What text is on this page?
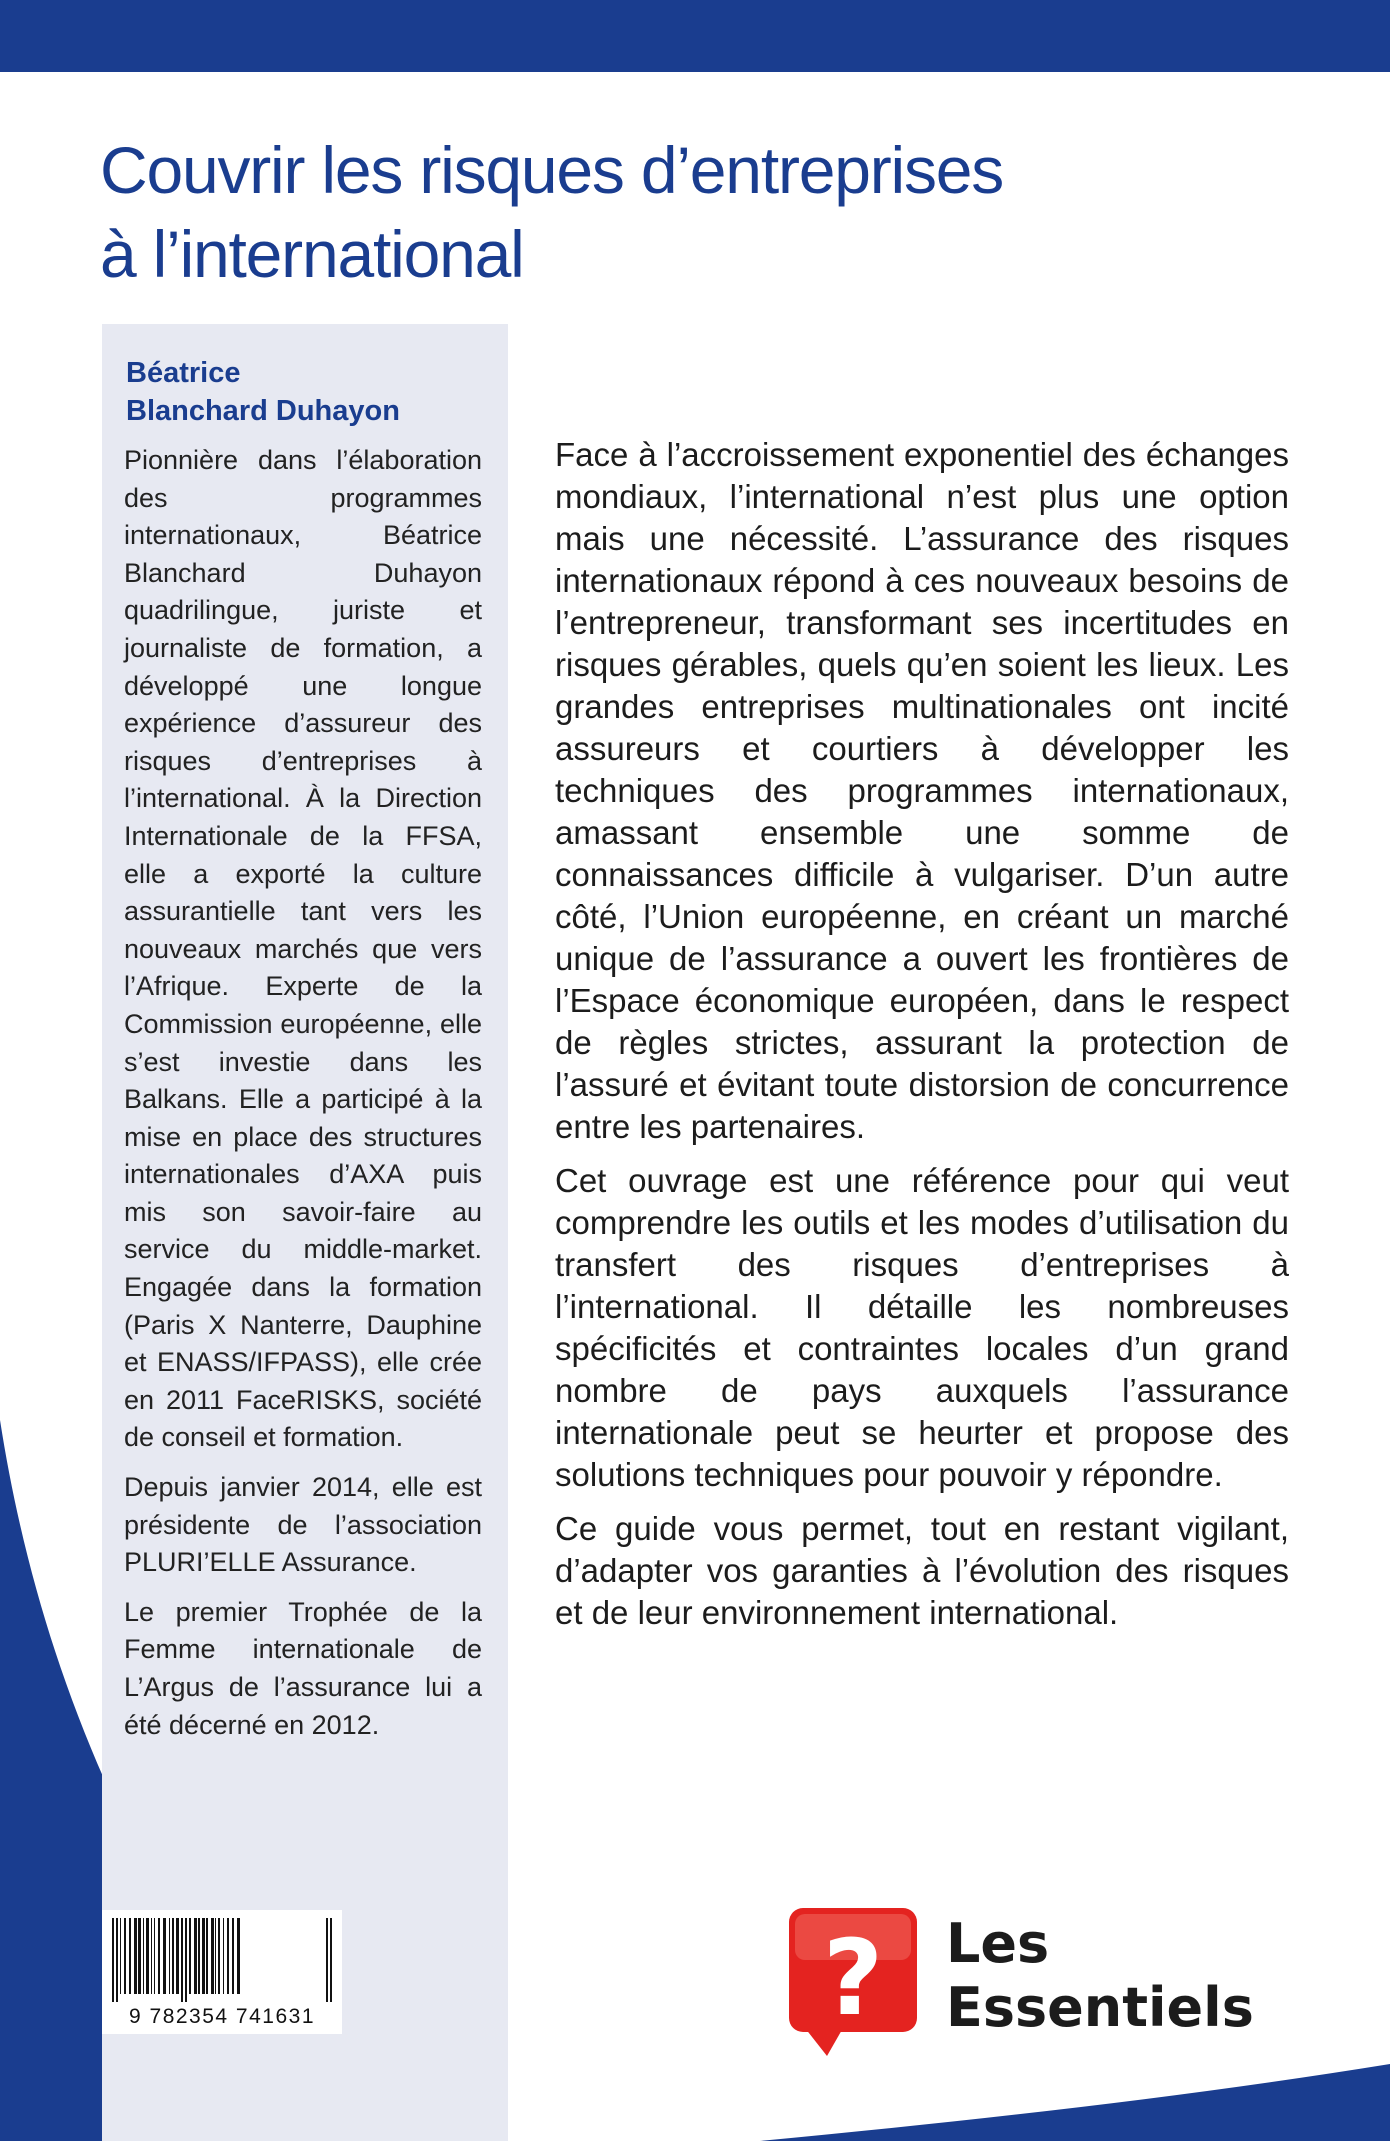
Couvrir les risques d’entreprises
à l’international
Béatrice
Blanchard Duhayon

Pionnière dans l’élaboration des programmes internationaux, Béatrice Blanchard Duhayon quadrilingue, juriste et journaliste de formation, a développé une longue expérience d’assureur des risques d’entreprises à l’international. À la Direction Internationale de la FFSA, elle a exporté la culture assurantielle tant vers les nouveaux marchés que vers l’Afrique. Experte de la Commission européenne, elle s’est investie dans les Balkans. Elle a participé à la mise en place des structures internationales d’AXA puis mis son savoir-faire au service du middle-market. Engagée dans la formation (Paris X Nanterre, Dauphine et ENASS/IFPASS), elle crée en 2011 FaceRISKS, société de conseil et formation.

Depuis janvier 2014, elle est présidente de l’association PLURI’ELLE Assurance.

Le premier Trophée de la Femme internationale de L’Argus de l’assurance lui a été décerné en 2012.

Face à l’accroissement exponentiel des échanges mondiaux, l’international n’est plus une option mais une nécessité. L’assurance des risques internationaux répond à ces nouveaux besoins de l’entrepreneur, transformant ses incertitudes en risques gérables, quels qu’en soient les lieux. Les grandes entreprises multinationales ont incité assureurs et courtiers à développer les techniques des programmes internationaux, amassant ensemble une somme de connaissances difficile à vulgariser. D’un autre côté, l’Union européenne, en créant un marché unique de l’assurance a ouvert les frontières de l’Espace économique européen, dans le respect de règles strictes, assurant la protection de l’assuré et évitant toute distorsion de concurrence entre les partenaires.

Cet ouvrage est une référence pour qui veut comprendre les outils et les modes d’utilisation du transfert des risques d’entreprises à l’international. Il détaille les nombreuses spécificités et contraintes locales d’un grand nombre de pays auxquels l’assurance internationale peut se heurter et propose des solutions techniques pour pouvoir y répondre.

Ce guide vous permet, tout en restant vigilant, d’adapter vos garanties à l’évolution des risques et de leur environnement international.

9 782354 741631	? Les
Essentiels
